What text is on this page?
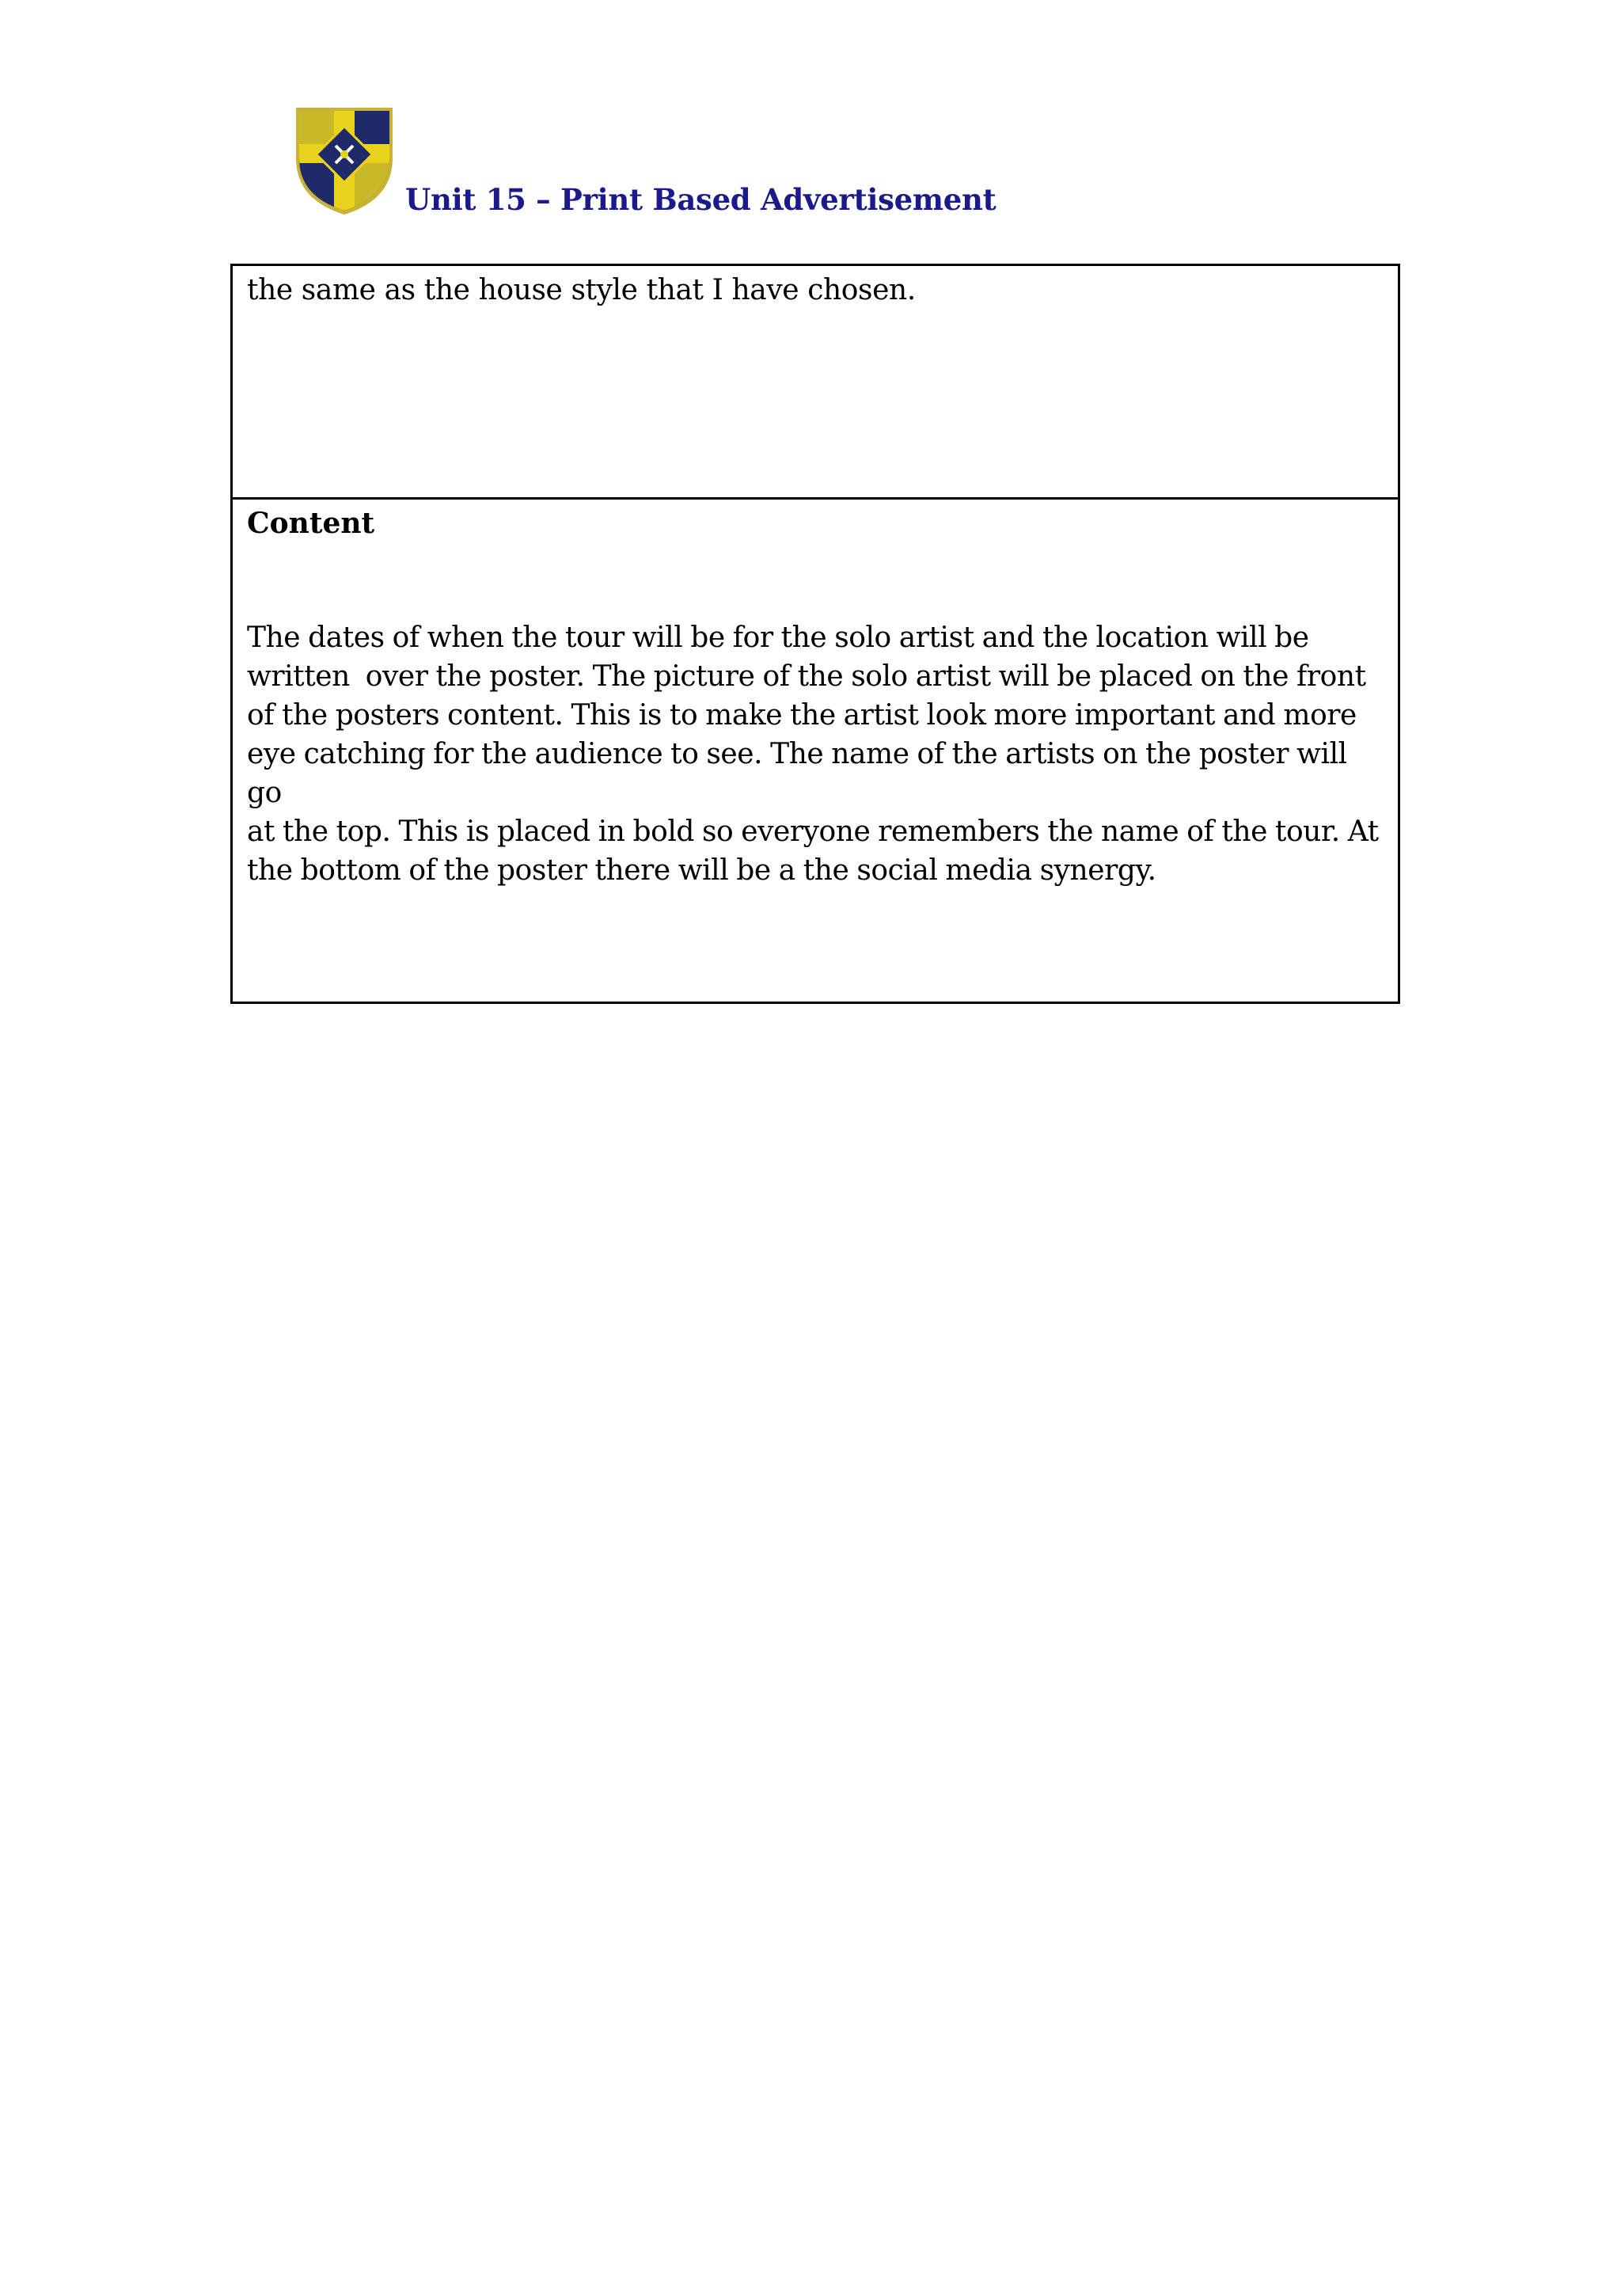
Unit 15 – Print Based Advertisement

the same as the house style that I have chosen.

Content

The dates of when the tour will be for the solo artist and the location will be
written  over the poster. The picture of the solo artist will be placed on the front
of the posters content. This is to make the artist look more important and more
eye catching for the audience to see. The name of the artists on the poster will go
at the top. This is placed in bold so everyone remembers the name of the tour. At
the bottom of the poster there will be a the social media synergy.
